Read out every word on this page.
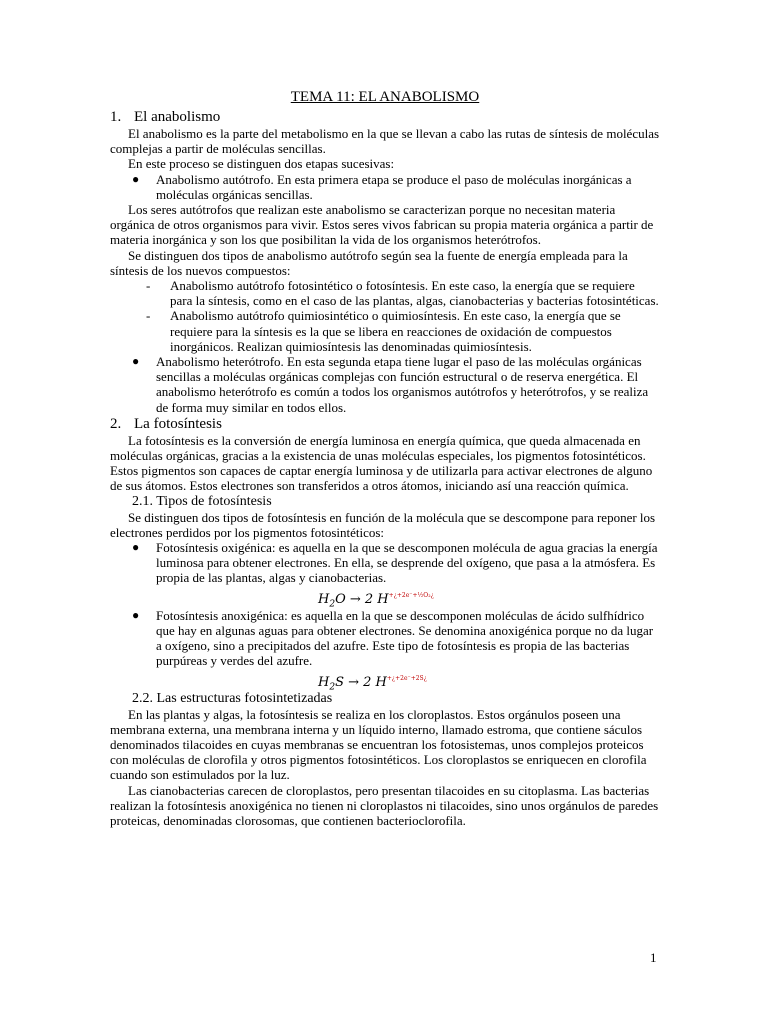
TEMA 11: EL ANABOLISMO
1. El anabolismo

El anabolismo es la parte del metabolismo en la que se llevan a cabo las rutas de síntesis de moléculas complejas a partir de moléculas sencillas.

En este proceso se distinguen dos etapas sucesivas:

● Anabolismo autótrofo. En esta primera etapa se produce el paso de moléculas inorgánicas a moléculas orgánicas sencillas.

Los seres autótrofos que realizan este anabolismo se caracterizan porque no necesitan materia orgánica de otros organismos para vivir. Estos seres vivos fabrican su propia materia orgánica a partir de materia inorgánica y son los que posibilitan la vida de los organismos heterótrofos.

Se distinguen dos tipos de anabolismo autótrofo según sea la fuente de energía empleada para la síntesis de los nuevos compuestos:

- Anabolismo autótrofo fotosintético o fotosíntesis. En este caso, la energía que se requiere para la síntesis, como en el caso de las plantas, algas, cianobacterias y bacterias fotosintéticas.
- Anabolismo autótrofo quimiosintético o quimiosíntesis. En este caso, la energía que se requiere para la síntesis es la que se libera en reacciones de oxidación de compuestos inorgánicos. Realizan quimiosíntesis las denominadas quimiosíntesis.
● Anabolismo heterótrofo. En esta segunda etapa tiene lugar el paso de las moléculas orgánicas sencillas a moléculas orgánicas complejas con función estructural o de reserva energética. El anabolismo heterótrofo es común a todos los organismos autótrofos y heterótrofos, y se realiza de forma muy similar en todos ellos.
2. La fotosíntesis

La fotosíntesis es la conversión de energía luminosa en energía química, que queda almacenada en moléculas orgánicas, gracias a la existencia de unas moléculas especiales, los pigmentos fotosintéticos. Estos pigmentos son capaces de captar energía luminosa y de utilizarla para activar electrones de alguno de sus átomos. Estos electrones son transferidos a otros átomos, iniciando así una reacción química.

2.1. Tipos de fotosíntesis

Se distinguen dos tipos de fotosíntesis en función de la molécula que se descompone para reponer los electrones perdidos por los pigmentos fotosintéticos:

● Fotosíntesis oxigénica: es aquella en la que se descomponen molécula de agua gracias la energía luminosa para obtener electrones. En ella, se desprende del oxígeno, que pasa a la atmósfera. Es propia de las plantas, algas y cianobacterias.
$H_2O \to 2$ $H^{+¿+2e^-+\frac{1}{2}O_2¿}$
● Fotosíntesis anoxigénica: es aquella en la que se descomponen moléculas de ácido sulfhídrico que hay en algunas aguas para obtener electrones. Se denomina anoxigénica porque no da lugar a oxígeno, sino a precipitados del azufre. Este tipo de fotosíntesis es propia de las bacterias purpúreas y verdes del azufre.
$H_2S \to 2$ $H^{+¿+2e^-+2S¿}$
2.2. Las estructuras fotosintetizadas

En las plantas y algas, la fotosíntesis se realiza en los cloroplastos. Estos orgánulos poseen una membrana externa, una membrana interna y un líquido interno, llamado estroma, que contiene sáculos denominados tilacoides en cuyas membranas se encuentran los fotosistemas, unos complejos proteicos con moléculas de clorofila y otros pigmentos fotosintéticos. Los cloroplastos se enriquecen en clorofila cuando son estimulados por la luz.

Las cianobacterias carecen de cloroplastos, pero presentan tilacoides en su citoplasma. Las bacterias realizan la fotosíntesis anoxigénica no tienen ni cloroplastos ni tilacoides, sino unos orgánulos de paredes proteicas, denominadas clorosomas, que contienen bacterioclorofila.

1
